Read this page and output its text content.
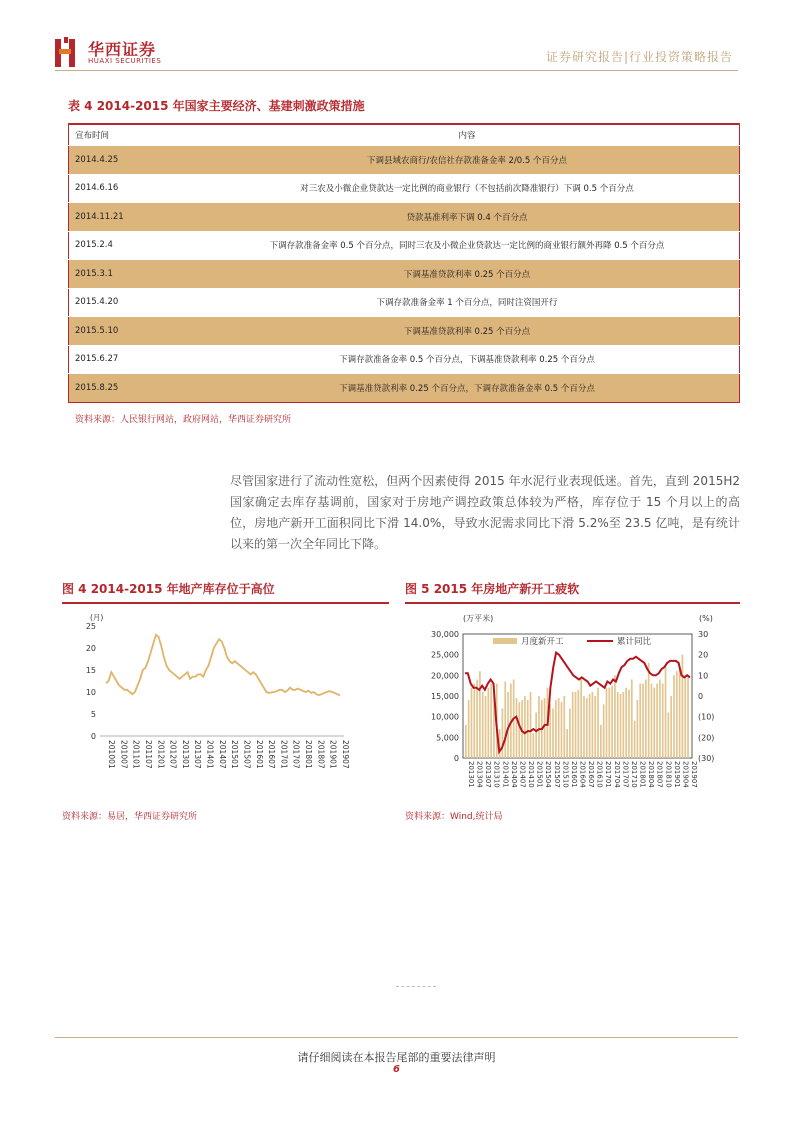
华西证券
HUAXI SECURITIES	证券研究报告|行业投资策略报告
表 4 2014-2015 年国家主要经济、基建刺激政策措施
宣布时间	内容
2014.4.25	下调县域农商行/农信社存款准备金率 2/0.5 个百分点
2014.6.16	对三农及小微企业贷款达一定比例的商业银行（不包括前次降准银行）下调 0.5 个百分点
2014.11.21	贷款基准利率下调 0.4 个百分点
2015.2.4	下调存款准备金率 0.5 个百分点，同时三农及小微企业贷款达一定比例的商业银行额外再降 0.5 个百分点
2015.3.1	下调基准贷款利率 0.25 个百分点
2015.4.20	下调存款准备金率 1 个百分点，同时注资国开行
2015.5.10	下调基准贷款利率 0.25 个百分点
2015.6.27	下调存款准备金率 0.5 个百分点，下调基准贷款利率 0.25 个百分点
2015.8.25	下调基准贷款利率 0.25 个百分点，下调存款准备金率 0.5 个百分点
资料来源：人民银行网站，政府网站，华西证券研究所
尽管国家进行了流动性宽松，但两个因素使得 2015 年水泥行业表现低迷。首先，直到 2015H2 国家确定去库存基调前，国家对于房地产调控政策总体较为严格，库存位于 15 个月以上的高位，房地产新开工面积同比下滑 14.0%，导致水泥需求同比下滑 5.2%至 23.5 亿吨，是有统计以来的第一次全年同比下降。
图 4 2014-2015 年地产库存位于高位
(月)
0
5
10
15
20
25
201001 201007 201101 201107 201201 201207 201301 201307 201401 201407 201501 201507 201601 201607 201701 201707 201801 201807 201901 201907
资料来源：易居，华西证券研究所
图 5 2015 年房地产新开工疲软
(万平米)	(%)
0
5,000
10,000
15,000
20,000
25,000
30,000
(30)
(20)
(10)
0
10
20
30
月度新开工	累计同比
201301 201304 201307 201310 201401 201404 201407 201410 201501 201504 201507 201510 201601 201604 201607 201610 201701 201704 201707 201710 201801 201804 201807 201810 201901 201904 201907
资料来源：Wind,统计局
请仔细阅读在本报告尾部的重要法律声明
6
